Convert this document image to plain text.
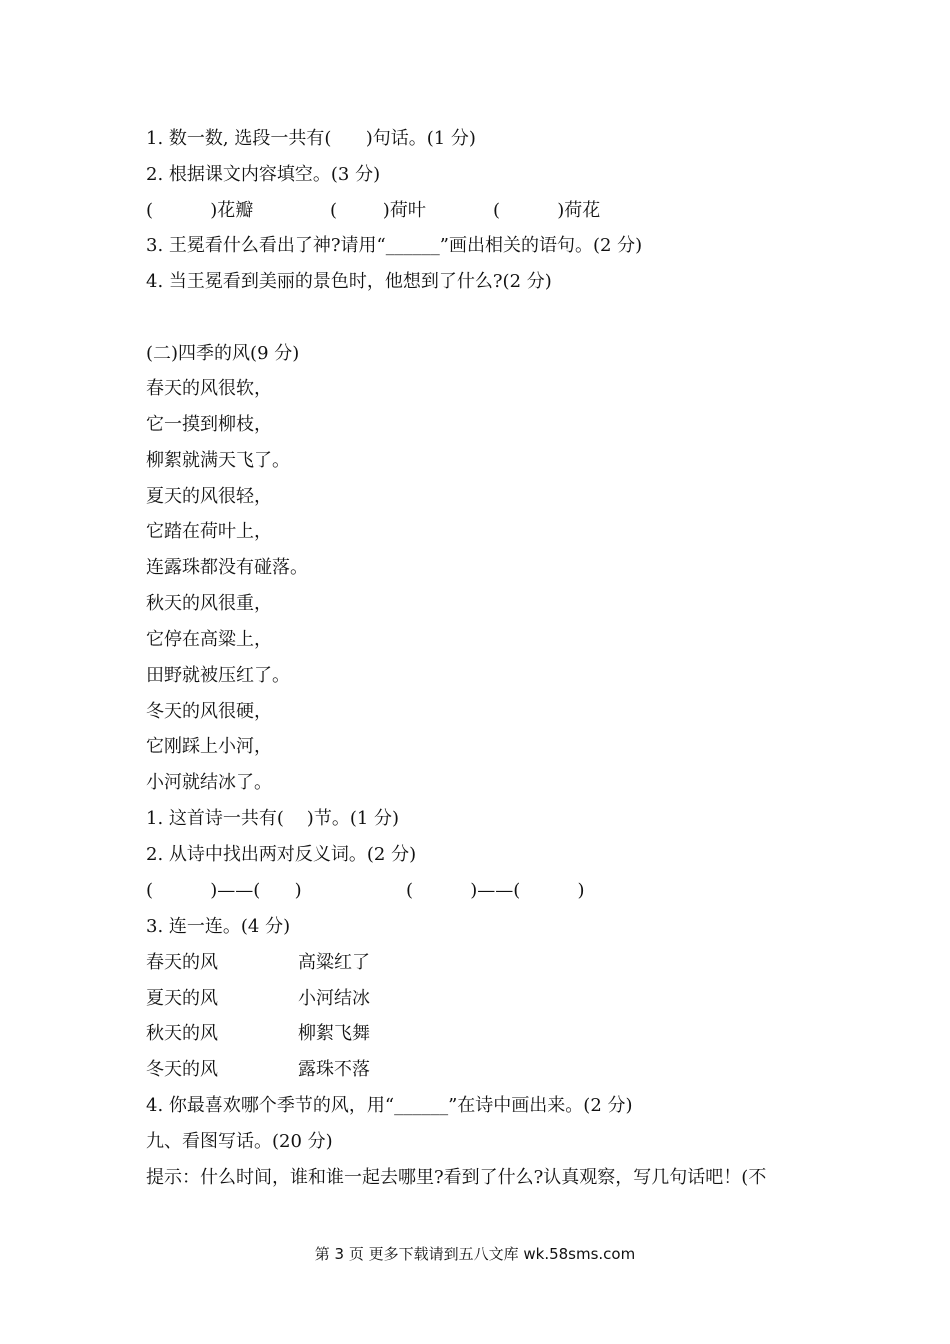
1. 数一数, 选段一共有(      )句话。(1 分)
2. 根据课文内容填空。(3 分)
(          )花瓣	(        )荷叶	(          )荷花
3. 王冕看什么看出了神?请用“______”画出相关的语句。(2 分)
4. 当王冕看到美丽的景色时，他想到了什么?(2 分)
(二)四季的风(9 分)
春天的风很软，
它一摸到柳枝，
柳絮就满天飞了。
夏天的风很轻，
它踏在荷叶上，
连露珠都没有碰落。
秋天的风很重，
它停在高粱上，
田野就被压红了。
冬天的风很硬，
它刚踩上小河，
小河就结冰了。
1. 这首诗一共有(    )节。(1 分)
2. 从诗中找出两对反义词。(2 分)
(          )——(      )	(          )——(          )
3. 连一连。(4 分)
春天的风	高粱红了
夏天的风	小河结冰
秋天的风	柳絮飞舞
冬天的风	露珠不落
4. 你最喜欢哪个季节的风，用“______”在诗中画出来。(2 分)
九、看图写话。(20 分)
提示：什么时间，谁和谁一起去哪里?看到了什么?认真观察，写几句话吧！(不
第 3 页 更多下载请到五八文库 wk.58sms.com
